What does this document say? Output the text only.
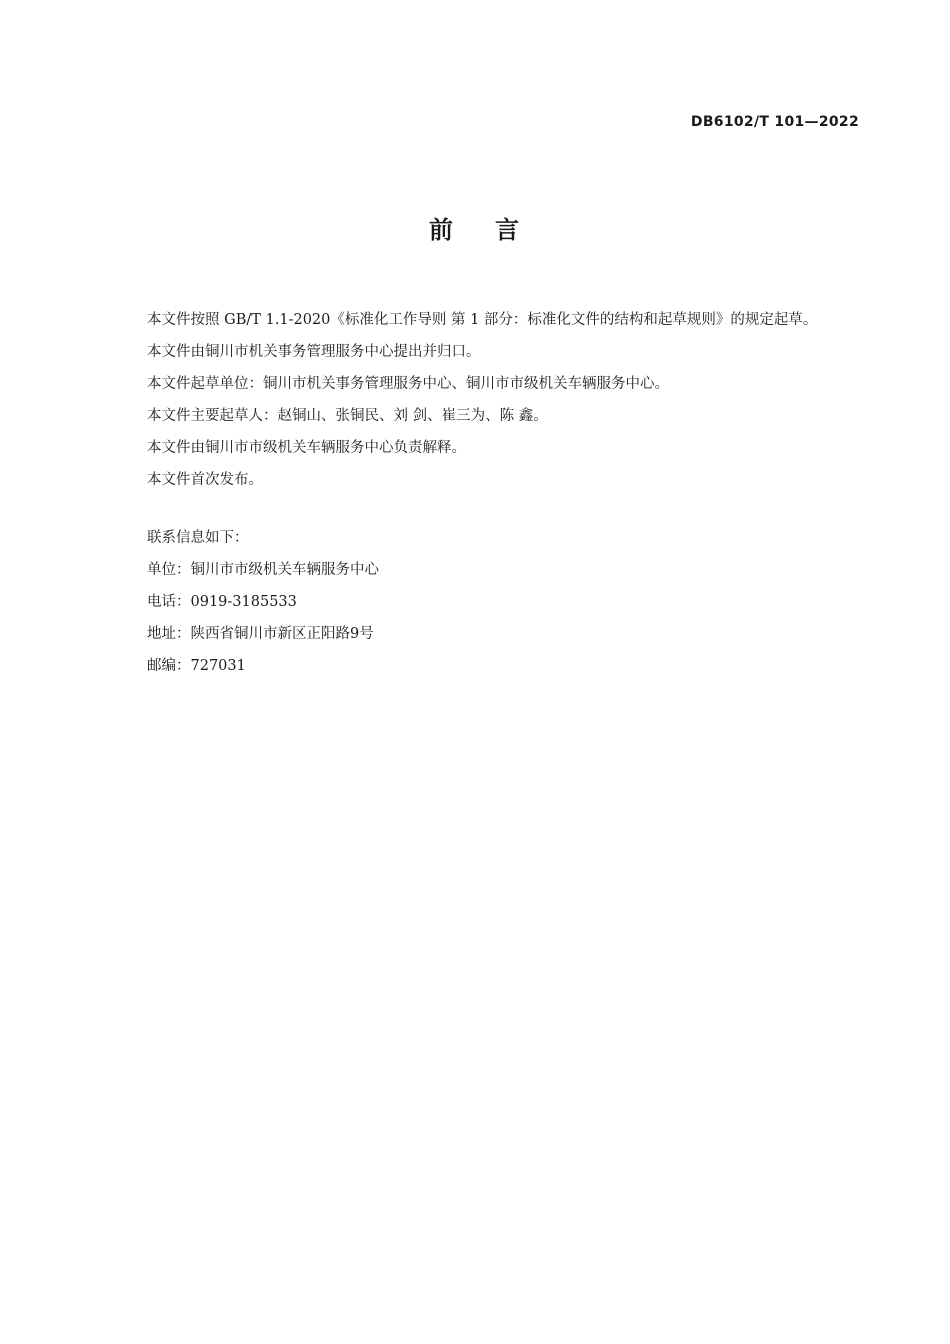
DB6102/T 101—2022
前 言

本文件按照 GB/T 1.1-2020《标准化工作导则 第 1 部分：标准化文件的结构和起草规则》的规定起草。

本文件由铜川市机关事务管理服务中心提出并归口。

本文件起草单位：铜川市机关事务管理服务中心、铜川市市级机关车辆服务中心。

本文件主要起草人：赵铜山、张铜民、刘 剑、崔三为、陈 鑫。

本文件由铜川市市级机关车辆服务中心负责解释。

本文件首次发布。

联系信息如下：

单位：铜川市市级机关车辆服务中心

电话：0919-3185533

地址：陕西省铜川市新区正阳路9号

邮编：727031
